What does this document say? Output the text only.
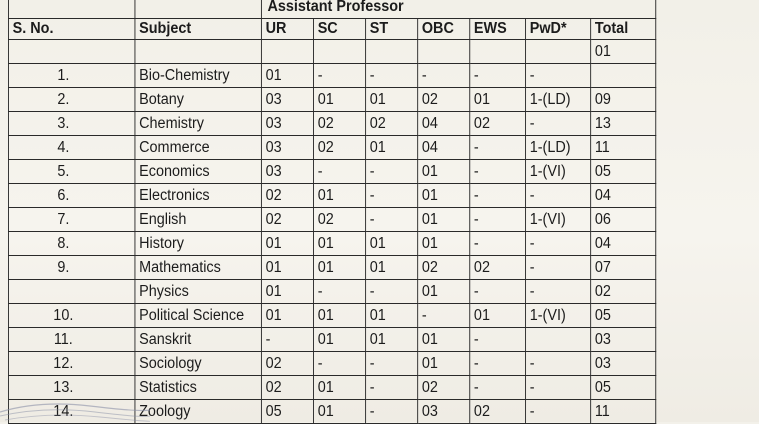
		Assistant Professor						
S. No.	Subject	UR	SC	ST	OBC	EWS	PwD*	Total
								01
1.	Bio-Chemistry	01	-	-	-	-	-	
2.	Botany	03	01	01	02	01	1-(LD)	09
3.	Chemistry	03	02	02	04	02	-	13
4.	Commerce	03	02	01	04	-	1-(LD)	11
5.	Economics	03	-	-	01	-	1-(VI)	05
6.	Electronics	02	01	-	01	-	-	04
7.	English	02	02	-	01	-	1-(VI)	06
8.	History	01	01	01	01	-	-	04
9.	Mathematics	01	01	01	02	02	-	07
	Physics	01	-	-	01	-	-	02
10.	Political Science	01	01	01	-	01	1-(VI)	05
11.	Sanskrit	-	01	01	01	-		03
12.	Sociology	02	-	-	01	-	-	03
13.	Statistics	02	01	-	02	-	-	05
14.	Zoology	05	01	-	03	02	-	11
